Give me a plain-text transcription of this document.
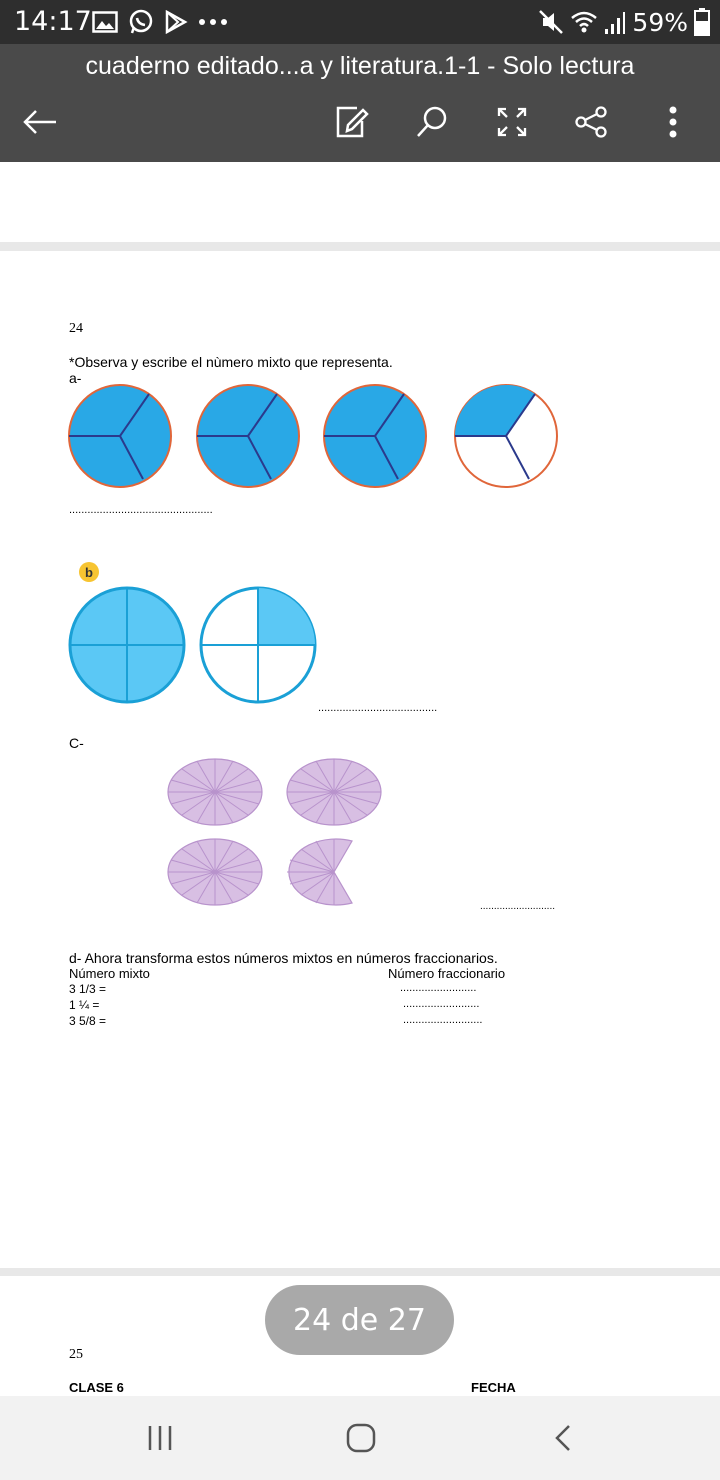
14:17	59%
cuaderno editado...a y literatura.1-1 - Solo lectura
24
*Observa y escribe el nùmero mixto que representa.
a-
...............................................
b
.......................................
C-
...........................
d- Ahora transforma estos números mixtos en números fraccionarios.
Número mixto	Número fraccionario
3 1/3 =	.........................
1 ¼ =	.........................
3 5/8 =	..........................
25
CLASE 6	FECHA
24 de 27
